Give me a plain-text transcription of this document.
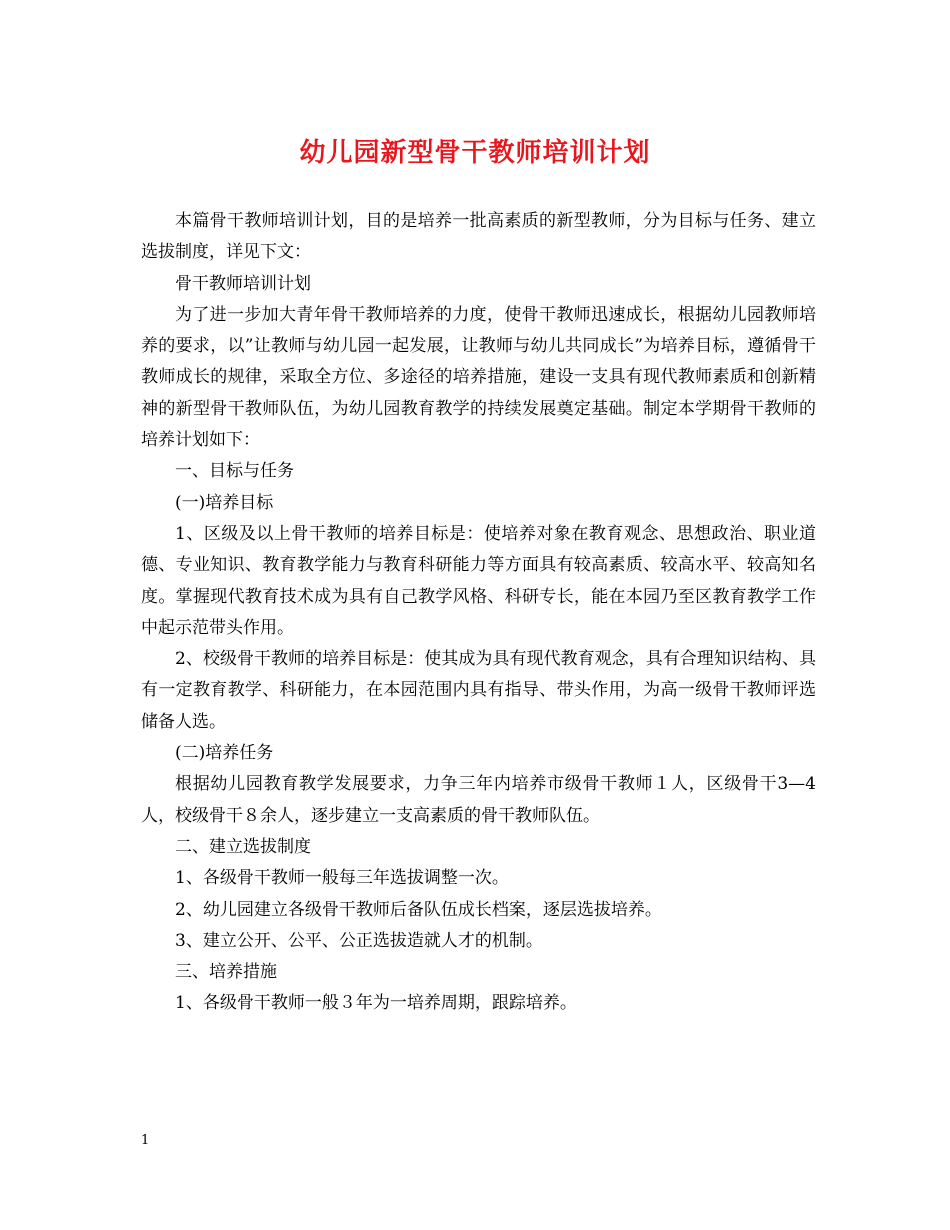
幼儿园新型骨干教师培训计划

本篇骨干教师培训计划，目的是培养一批高素质的新型教师，分为目标与任务、建立选拔制度，详见下文：

骨干教师培训计划

为了进一步加大青年骨干教师培养的力度，使骨干教师迅速成长，根据幼儿园教师培养的要求，以”让教师与幼儿园一起发展，让教师与幼儿共同成长”为培养目标，遵循骨干教师成长的规律，采取全方位、多途径的培养措施，建设一支具有现代教师素质和创新精神的新型骨干教师队伍，为幼儿园教育教学的持续发展奠定基础。制定本学期骨干教师的培养计划如下：

一、目标与任务

(一)培养目标

1、区级及以上骨干教师的培养目标是：使培养对象在教育观念、思想政治、职业道德、专业知识、教育教学能力与教育科研能力等方面具有较高素质、较高水平、较高知名度。掌握现代教育技术成为具有自己教学风格、科研专长，能在本园乃至区教育教学工作中起示范带头作用。

2、校级骨干教师的培养目标是：使其成为具有现代教育观念，具有合理知识结构、具有一定教育教学、科研能力，在本园范围内具有指导、带头作用，为高一级骨干教师评选储备人选。

(二)培养任务

根据幼儿园教育教学发展要求，力争三年内培养市级骨干教师１人，区级骨干3—4人，校级骨干８余人，逐步建立一支高素质的骨干教师队伍。

二、建立选拔制度

1、各级骨干教师一般每三年选拔调整一次。

2、幼儿园建立各级骨干教师后备队伍成长档案，逐层选拔培养。

3、建立公开、公平、公正选拔造就人才的机制。

三、培养措施

1、各级骨干教师一般３年为一培养周期，跟踪培养。

1
